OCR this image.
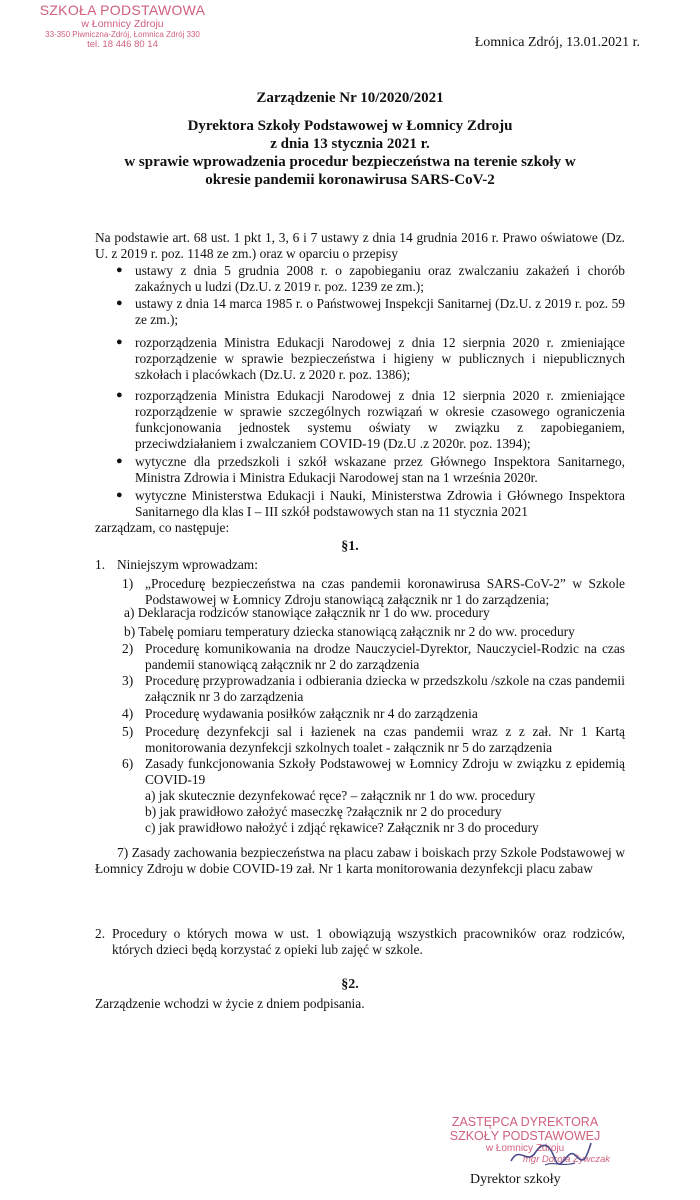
SZKOŁA PODSTAWOWA
w Łomnicy Zdroju
33-350 Piwniczna-Zdrój, Łomnica Zdrój 330
tel. 18 446 80 14	Łomnica Zdrój, 13.01.2021 r.
Zarządzenie Nr 10/2020/2021
Dyrektora Szkoły Podstawowej w Łomnicy Zdroju
z dnia 13 stycznia 2021 r.
w sprawie wprowadzenia procedur bezpieczeństwa na terenie szkoły w
okresie pandemii koronawirusa SARS-CoV-2
Na podstawie art. 68 ust. 1 pkt 1, 3, 6 i 7 ustawy z dnia 14 grudnia 2016 r. Prawo oświatowe (Dz. U. z 2019 r. poz. 1148 ze zm.) oraz w oparciu o przepisy
● ustawy z dnia 5 grudnia 2008 r. o zapobieganiu oraz zwalczaniu zakażeń i chorób zakaźnych u ludzi (Dz.U. z 2019 r. poz. 1239 ze zm.);
● ustawy z dnia 14 marca 1985 r. o Państwowej Inspekcji Sanitarnej (Dz.U. z 2019 r. poz. 59 ze zm.);
● rozporządzenia Ministra Edukacji Narodowej z dnia 12 sierpnia 2020 r. zmieniające rozporządzenie w sprawie bezpieczeństwa i higieny w publicznych i niepublicznych szkołach i placówkach (Dz.U. z 2020 r. poz. 1386);
● rozporządzenia Ministra Edukacji Narodowej z dnia 12 sierpnia 2020 r. zmieniające rozporządzenie w sprawie szczególnych rozwiązań w okresie czasowego ograniczenia funkcjonowania jednostek systemu oświaty w związku z zapobieganiem, przeciwdziałaniem i zwalczaniem COVID-19 (Dz.U .z 2020r. poz. 1394);
● wytyczne dla przedszkoli i szkół wskazane przez Głównego Inspektora Sanitarnego, Ministra Zdrowia i Ministra Edukacji Narodowej stan na 1 września 2020r.
● wytyczne Ministerstwa Edukacji i Nauki, Ministerstwa Zdrowia i Głównego Inspektora Sanitarnego dla klas I – III szkół podstawowych stan na 11 stycznia 2021
zarządzam, co następuje:
§1.
1. Niniejszym wprowadzam:
1) „Procedurę bezpieczeństwa na czas pandemii koronawirusa SARS-CoV-2” w Szkole Podstawowej w Łomnicy Zdroju stanowiącą załącznik nr 1 do zarządzenia;
a) Deklaracja rodziców stanowiące załącznik nr 1 do ww. procedury
b) Tabelę pomiaru temperatury dziecka stanowiącą załącznik nr 2 do ww. procedury
2) Procedurę komunikowania na drodze Nauczyciel-Dyrektor, Nauczyciel-Rodzic na czas pandemii stanowiącą załącznik nr 2 do zarządzenia
3) Procedurę przyprowadzania i odbierania dziecka w przedszkolu /szkole na czas pandemii załącznik nr 3 do zarządzenia
4) Procedurę wydawania posiłków załącznik nr 4 do zarządzenia
5) Procedurę dezynfekcji sal i łazienek na czas pandemii wraz z z zał. Nr 1 Kartą monitorowania dezynfekcji szkolnych toalet - załącznik nr 5 do zarządzenia
6) Zasady funkcjonowania Szkoły Podstawowej w Łomnicy Zdroju w związku z epidemią COVID-19
a) jak skutecznie dezynfekować ręce? – załącznik nr 1 do ww. procedury
b) jak prawidłowo założyć maseczkę ?załącznik nr 2 do procedury
c) jak prawidłowo nałożyć i zdjąć rękawice? Załącznik nr 3 do procedury
7) Zasady zachowania bezpieczeństwa na placu zabaw i boiskach przy Szkole Podstawowej w Łomnicy Zdroju w dobie COVID-19 zał. Nr 1 karta monitorowania dezynfekcji placu zabaw
2. Procedury o których mowa w ust. 1 obowiązują wszystkich pracowników oraz rodziców, których dzieci będą korzystać z opieki lub zajęć w szkole.
§2.
Zarządzenie wchodzi w życie z dniem podpisania.
ZASTĘPCA DYREKTORA
SZKOŁY PODSTAWOWEJ
w Łomnicy Zdroju
mgr Dorota Żywczak
Dyrektor szkoły
